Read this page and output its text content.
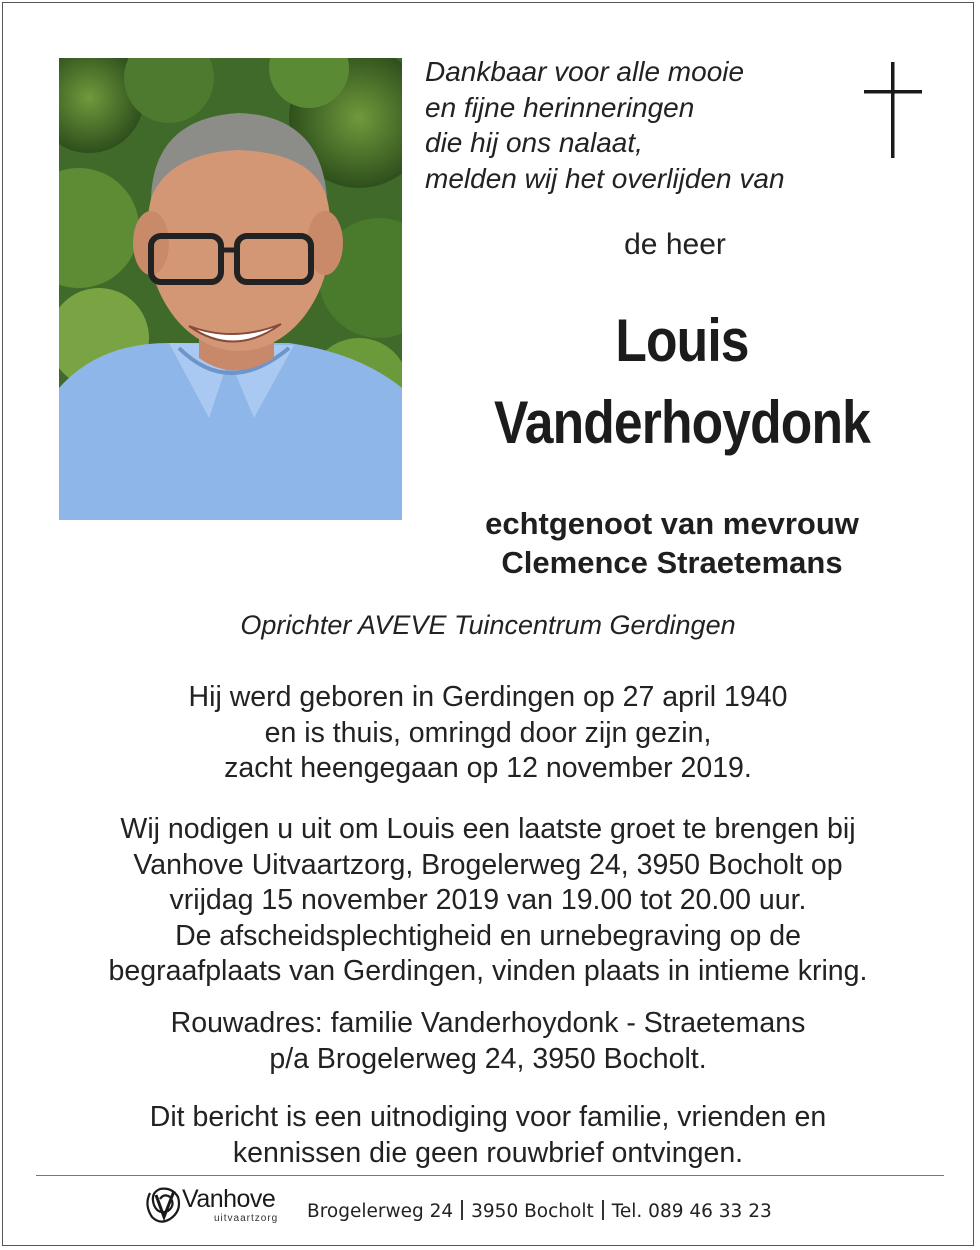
Dankbaar voor alle mooie
en fijne herinneringen
die hij ons nalaat,
melden wij het overlijden van
de heer
Louis
Vanderhoydonk
echtgenoot van mevrouw
Clemence Straetemans
Oprichter AVEVE Tuincentrum Gerdingen
Hij werd geboren in Gerdingen op 27 april 1940
en is thuis, omringd door zijn gezin,
zacht heengegaan op 12 november 2019.
Wij nodigen u uit om Louis een laatste groet te brengen bij
Vanhove Uitvaartzorg, Brogelerweg 24, 3950 Bocholt op
vrijdag 15 november 2019 van 19.00 tot 20.00 uur.
De afscheidsplechtigheid en urnebegraving op de
begraafplaats van Gerdingen, vinden plaats in intieme kring.
Rouwadres: familie Vanderhoydonk - Straetemans
p/a Brogelerweg 24, 3950 Bocholt.
Dit bericht is een uitnodiging voor familie, vrienden en
kennissen die geen rouwbrief ontvingen.
Vanhove
uitvaartzorg Brogelerweg 24 3950 Bocholt Tel. 089 46 33 23
